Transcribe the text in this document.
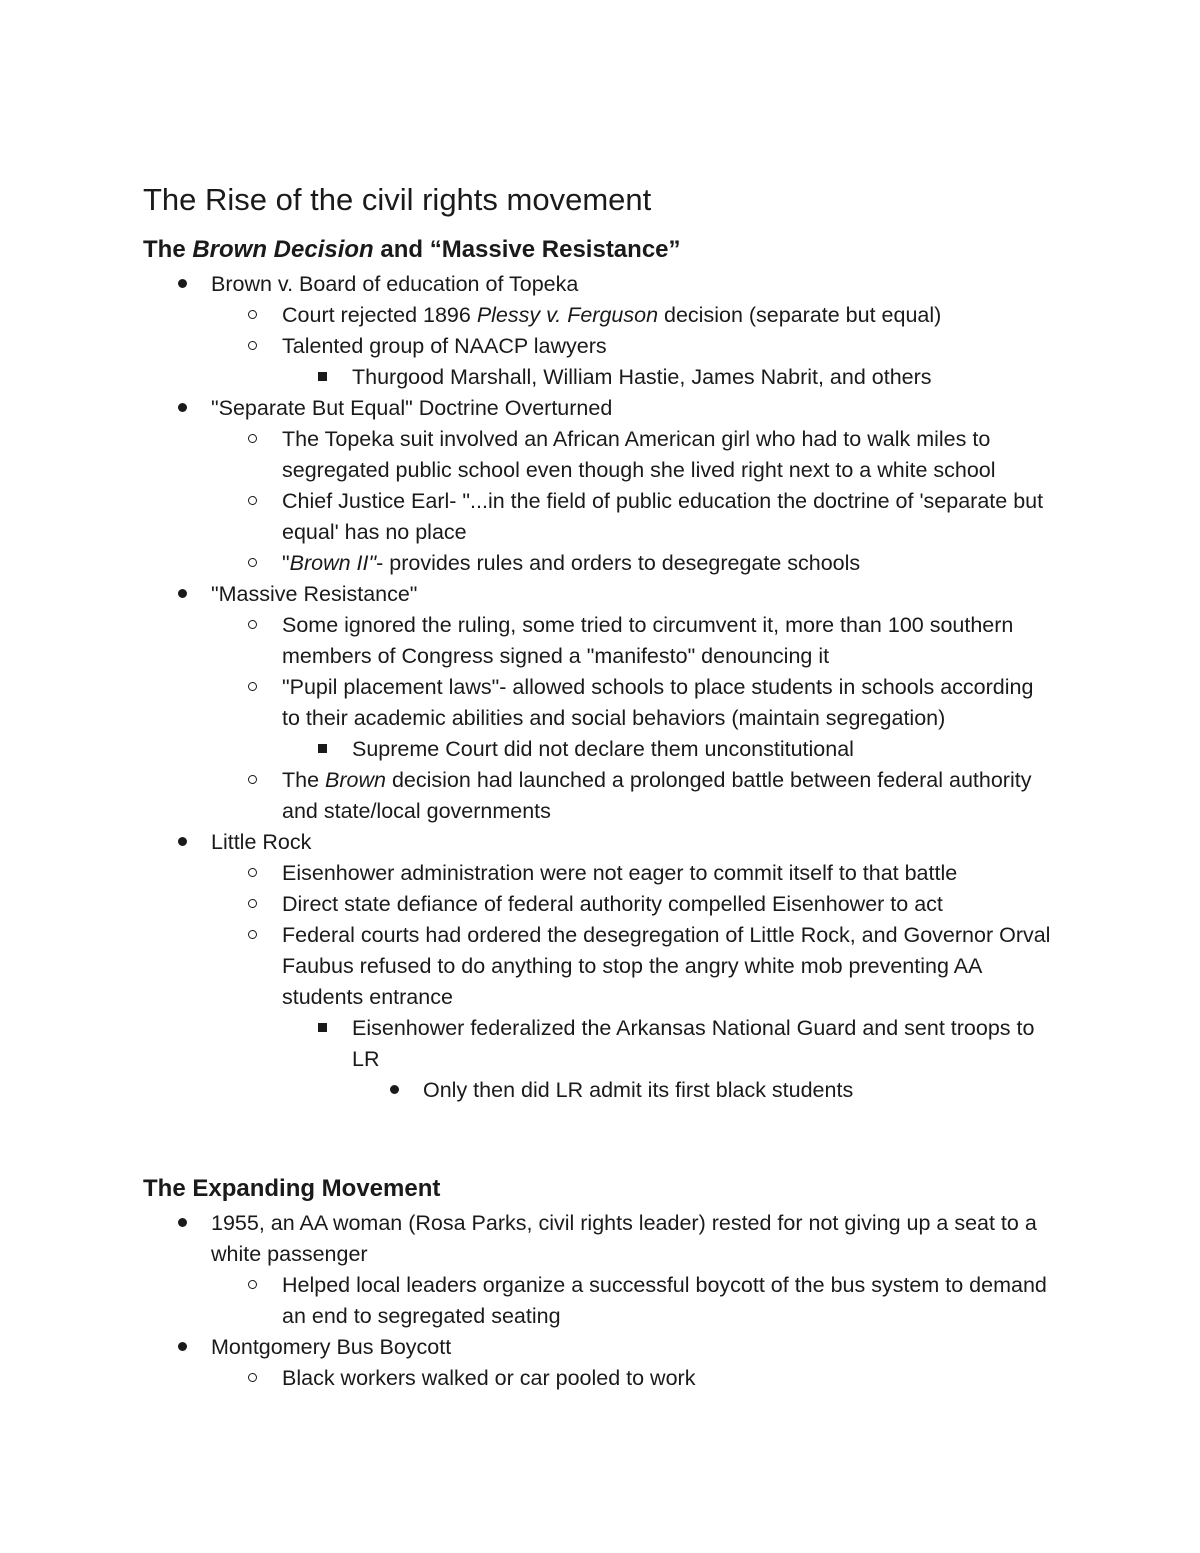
The Rise of the civil rights movement
The Brown Decision and “Massive Resistance”
Brown v. Board of education of Topeka
Court rejected 1896 Plessy v. Ferguson decision (separate but equal)
Talented group of NAACP lawyers
Thurgood Marshall, William Hastie, James Nabrit, and others
"Separate But Equal" Doctrine Overturned
The Topeka suit involved an African American girl who had to walk miles to segregated public school even though she lived right next to a white school
Chief Justice Earl- "...in the field of public education the doctrine of 'separate but equal' has no place
"Brown II"- provides rules and orders to desegregate schools
"Massive Resistance"
Some ignored the ruling, some tried to circumvent it, more than 100 southern members of Congress signed a "manifesto" denouncing it
"Pupil placement laws"- allowed schools to place students in schools according to their academic abilities and social behaviors (maintain segregation)
Supreme Court did not declare them unconstitutional
The Brown decision had launched a prolonged battle between federal authority and state/local governments
Little Rock
Eisenhower administration were not eager to commit itself to that battle
Direct state defiance of federal authority compelled Eisenhower to act
Federal courts had ordered the desegregation of Little Rock, and Governor Orval Faubus refused to do anything to stop the angry white mob preventing AA students entrance
Eisenhower federalized the Arkansas National Guard and sent troops to LR
Only then did LR admit its first black students
The Expanding Movement
1955, an AA woman (Rosa Parks, civil rights leader) rested for not giving up a seat to a white passenger
Helped local leaders organize a successful boycott of the bus system to demand an end to segregated seating
Montgomery Bus Boycott
Black workers walked or car pooled to work
